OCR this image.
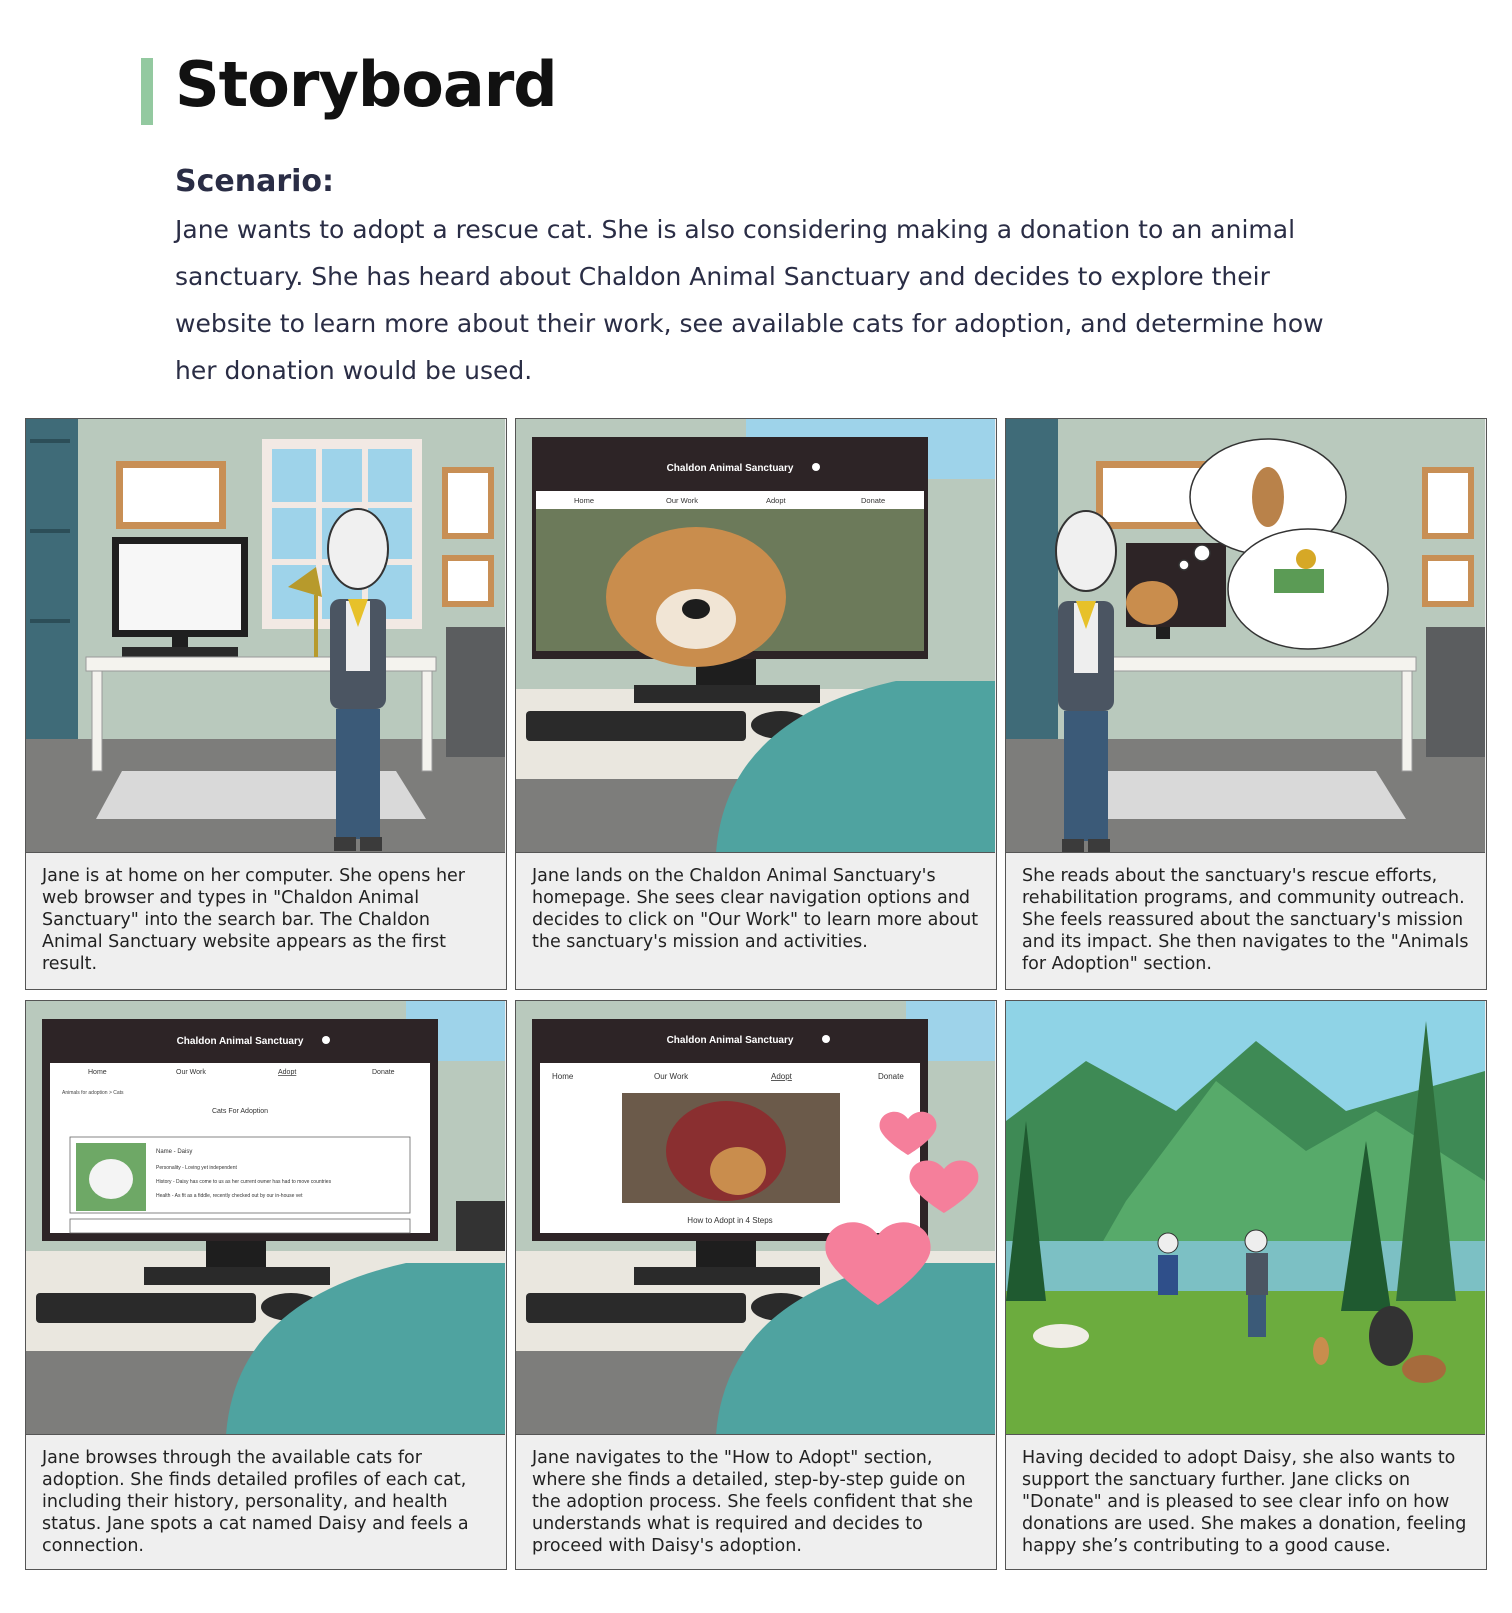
Storyboard
Scenario:

Jane wants to adopt a rescue cat. She is also considering making a donation to an animal sanctuary. She has heard about Chaldon Animal Sanctuary and decides to explore their website to learn more about their work, see available cats for adoption, and determine how her donation would be used.

Jane is at home on her computer. She opens her web browser and types in "Chaldon Animal Sanctuary" into the search bar. The Chaldon Animal Sanctuary website appears as the first result.

Chaldon Animal Sanctuary
Home	Our Work	Adopt	Donate

Jane lands on the Chaldon Animal Sanctuary's homepage. She sees clear navigation options and decides to click on "Our Work" to learn more about the sanctuary's mission and activities.

She reads about the sanctuary's rescue efforts, rehabilitation programs, and community outreach. She feels reassured about the sanctuary's mission and its impact. She then navigates to the "Animals for Adoption" section.

Chaldon Animal Sanctuary
Home	Our Work	Adopt	Donate
Animals for adoption > Cats
Cats For Adoption
Name - Daisy
Personality - Loving yet independent
History - Daisy has come to us as her current owner has had to move countries
Health - As fit as a fiddle, recently checked out by our in-house vet

Jane browses through the available cats for adoption. She finds detailed profiles of each cat, including their history, personality, and health status. Jane spots a cat named Daisy and feels a connection.

Chaldon Animal Sanctuary
Home	Our Work	Adopt	Donate
How to Adopt in 4 Steps

Jane navigates to the "How to Adopt" section, where she finds a detailed, step-by-step guide on the adoption process. She feels confident that she understands what is required and decides to proceed with Daisy's adoption.

Having decided to adopt Daisy, she also wants to support the sanctuary further. Jane clicks on "Donate" and is pleased to see clear info on how donations are used. She makes a donation, feeling happy she’s contributing to a good cause.
